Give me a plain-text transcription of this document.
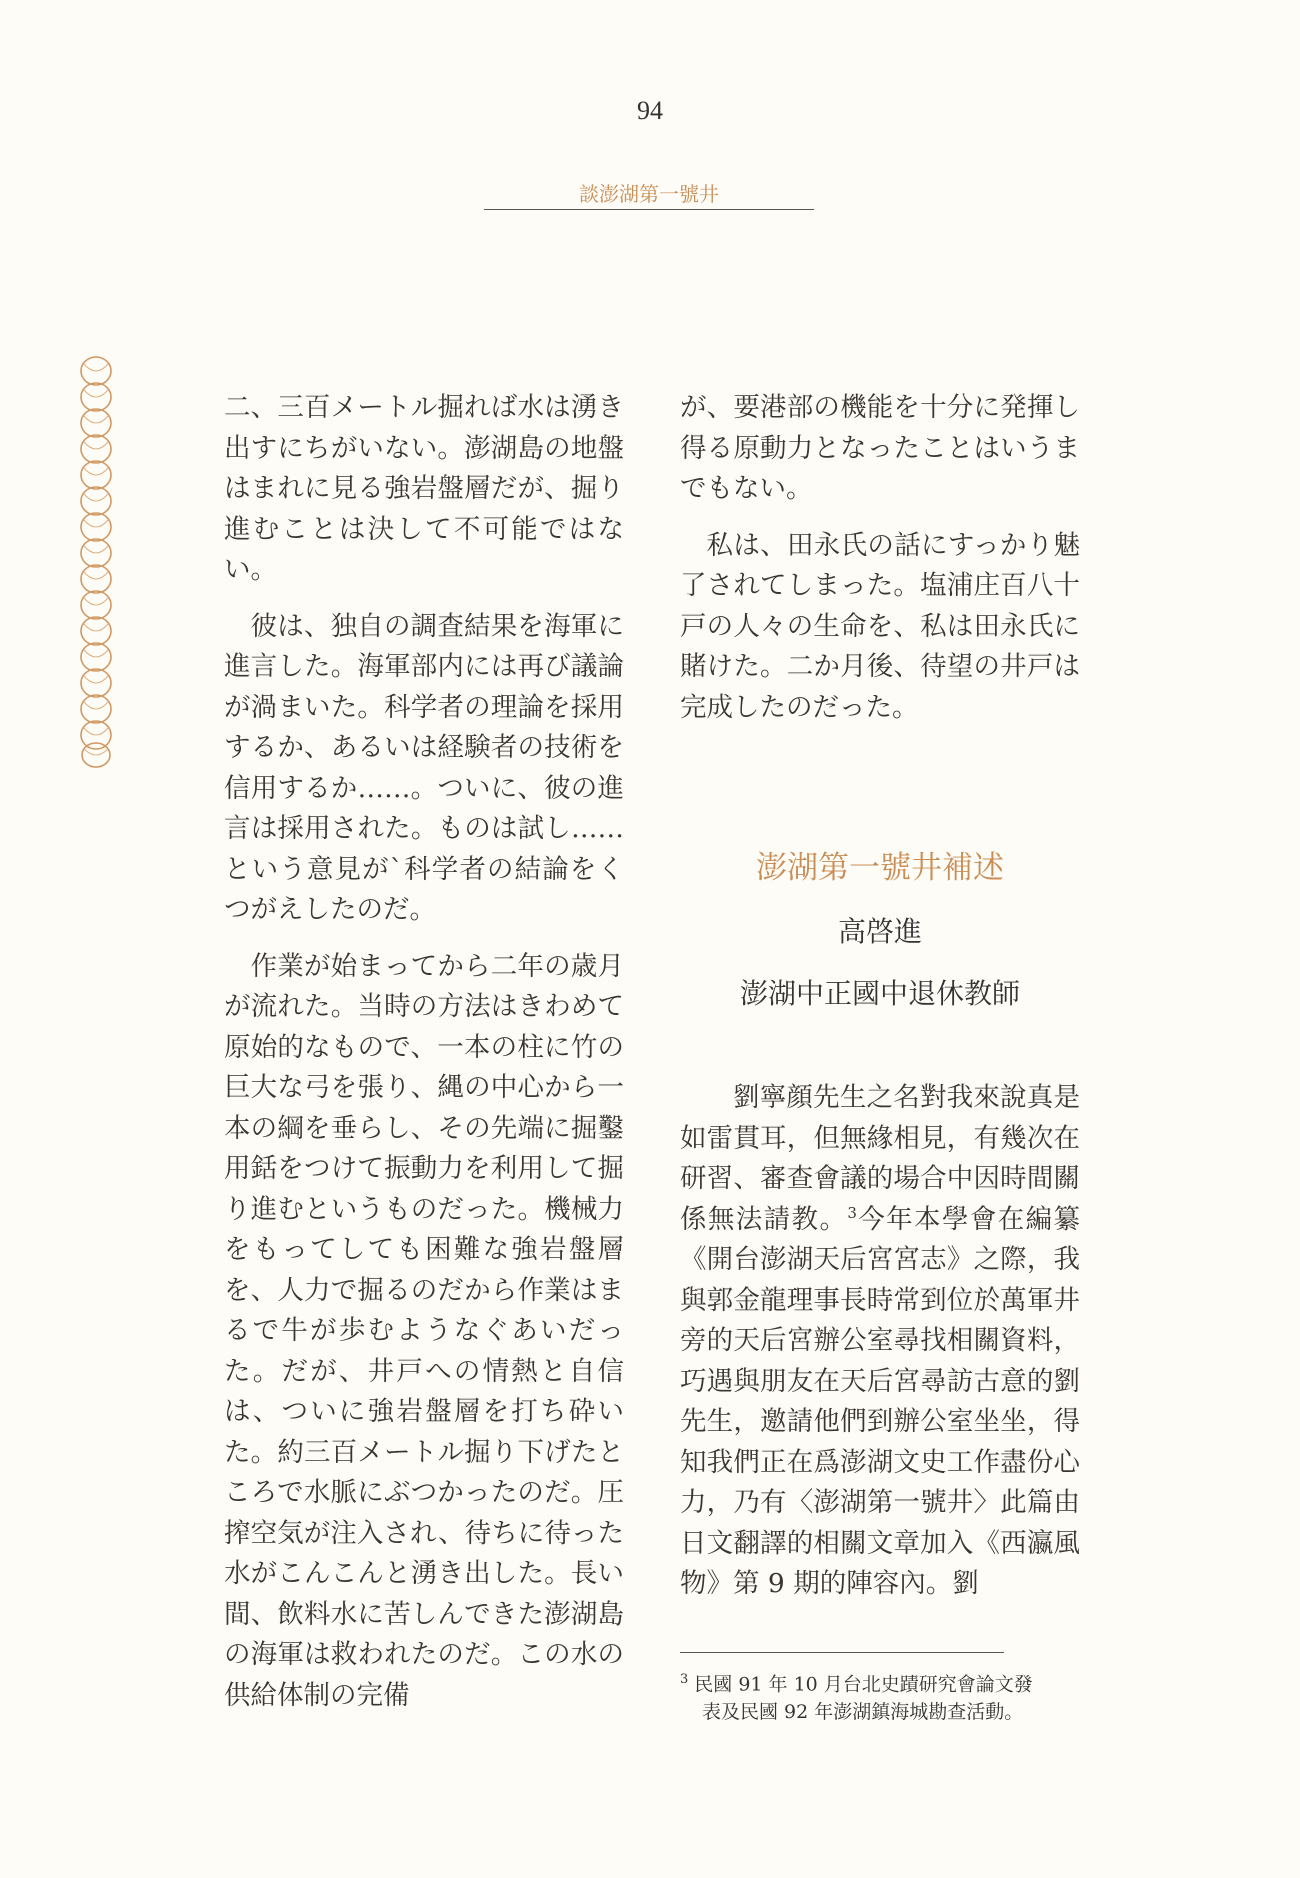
94
談澎湖第一號井

二、三百メートル掘れば水は湧き出すにちがいない。澎湖島の地盤はまれに見る強岩盤層だが、掘り進むことは決して不可能ではない。

彼は、独自の調査結果を海軍に進言した。海軍部内には再び議論が渦まいた。科学者の理論を採用するか、あるいは経験者の技術を信用するか……。ついに、彼の進言は採用された。ものは試し……という意見が`科学者の結論をくつがえしたのだ。

作業が始まってから二年の歳月が流れた。当時の方法はきわめて原始的なもので、一本の柱に竹の巨大な弓を張り、縄の中心から一本の綱を垂らし、その先端に掘鑿用銛をつけて振動力を利用して掘り進むというものだった。機械力をもってしても困難な強岩盤層を、人力で掘るのだから作業はまるで牛が歩むようなぐあいだった。だが、井戸への情熱と自信は、ついに強岩盤層を打ち砕いた。約三百メートル掘り下げたところで水脈にぶつかったのだ。圧搾空気が注入され、待ちに待った水がこんこんと湧き出した。長い間、飲料水に苦しんできた澎湖島の海軍は救われたのだ。この水の供給体制の完備

が、要港部の機能を十分に発揮し得る原動力となったことはいうまでもない。

私は、田永氏の話にすっかり魅了されてしまった。塩浦庄百八十戸の人々の生命を、私は田永氏に賭けた。二か月後、待望の井戸は完成したのだった。

澎湖第一號井補述
高啓進
澎湖中正國中退休教師
劉寧顔先生之名對我來說真是如雷貫耳，但無緣相見，有幾次在研習、審查會議的場合中因時間關係無法請教。$^3$今年本學會在編纂《開台澎湖天后宮宮志》之際，我與郭金龍理事長時常到位於萬軍井旁的天后宮辦公室尋找相關資料，巧遇與朋友在天后宮尋訪古意的劉先生，邀請他們到辦公室坐坐，得知我們正在爲澎湖文史工作盡份心力，乃有〈澎湖第一號井〉此篇由日文翻譯的相關文章加入《西瀛風物》第 9 期的陣容內。劉
$^3$ 民國 91 年 10 月台北史蹟研究會論文發
表及民國 92 年澎湖鎮海城勘查活動。
